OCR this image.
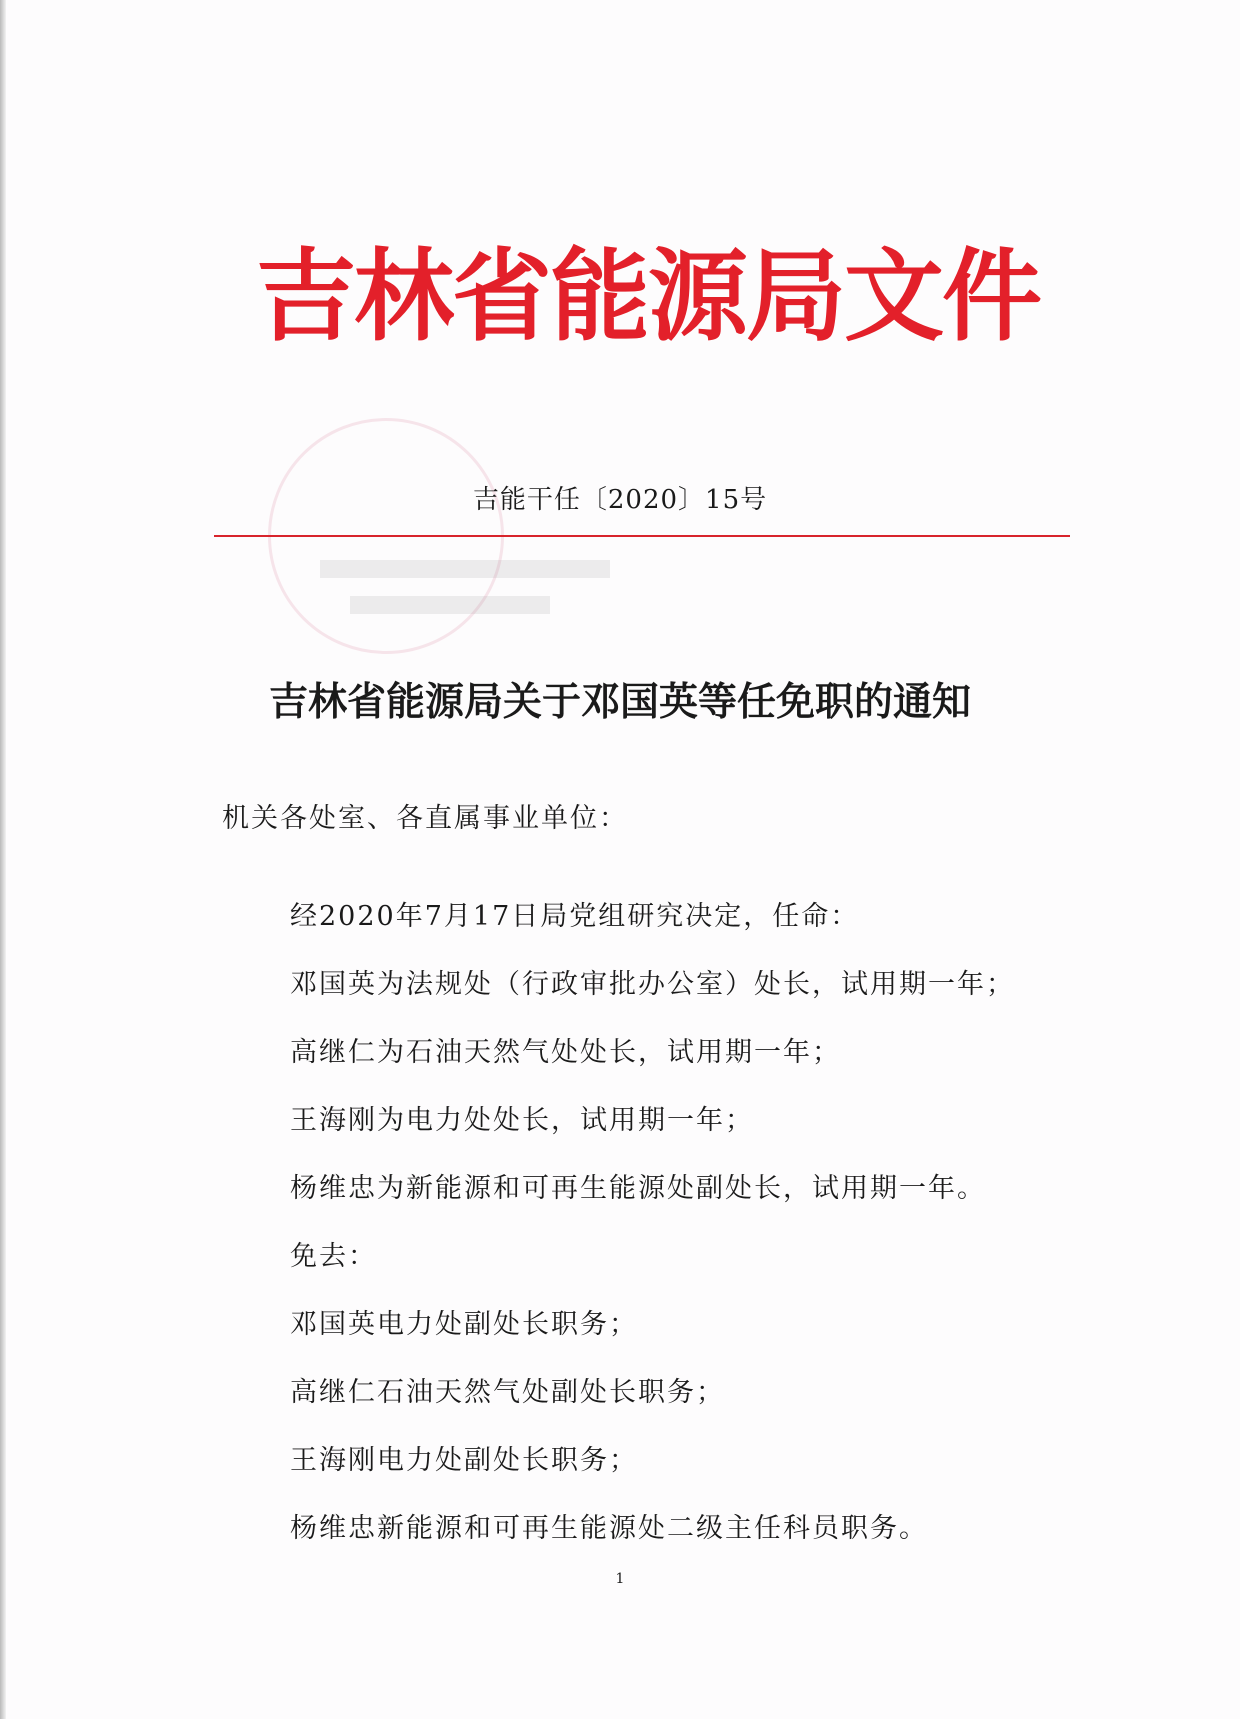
吉林省能源局文件
吉能干任〔2020〕15号
吉林省能源局关于邓国英等任免职的通知
机关各处室、各直属事业单位：
经2020年7月17日局党组研究决定，任命：
邓国英为法规处（行政审批办公室）处长，试用期一年；
高继仁为石油天然气处处长，试用期一年；
王海刚为电力处处长，试用期一年；
杨维忠为新能源和可再生能源处副处长，试用期一年。
免去：
邓国英电力处副处长职务；
高继仁石油天然气处副处长职务；
王海刚电力处副处长职务；
杨维忠新能源和可再生能源处二级主任科员职务。
1
